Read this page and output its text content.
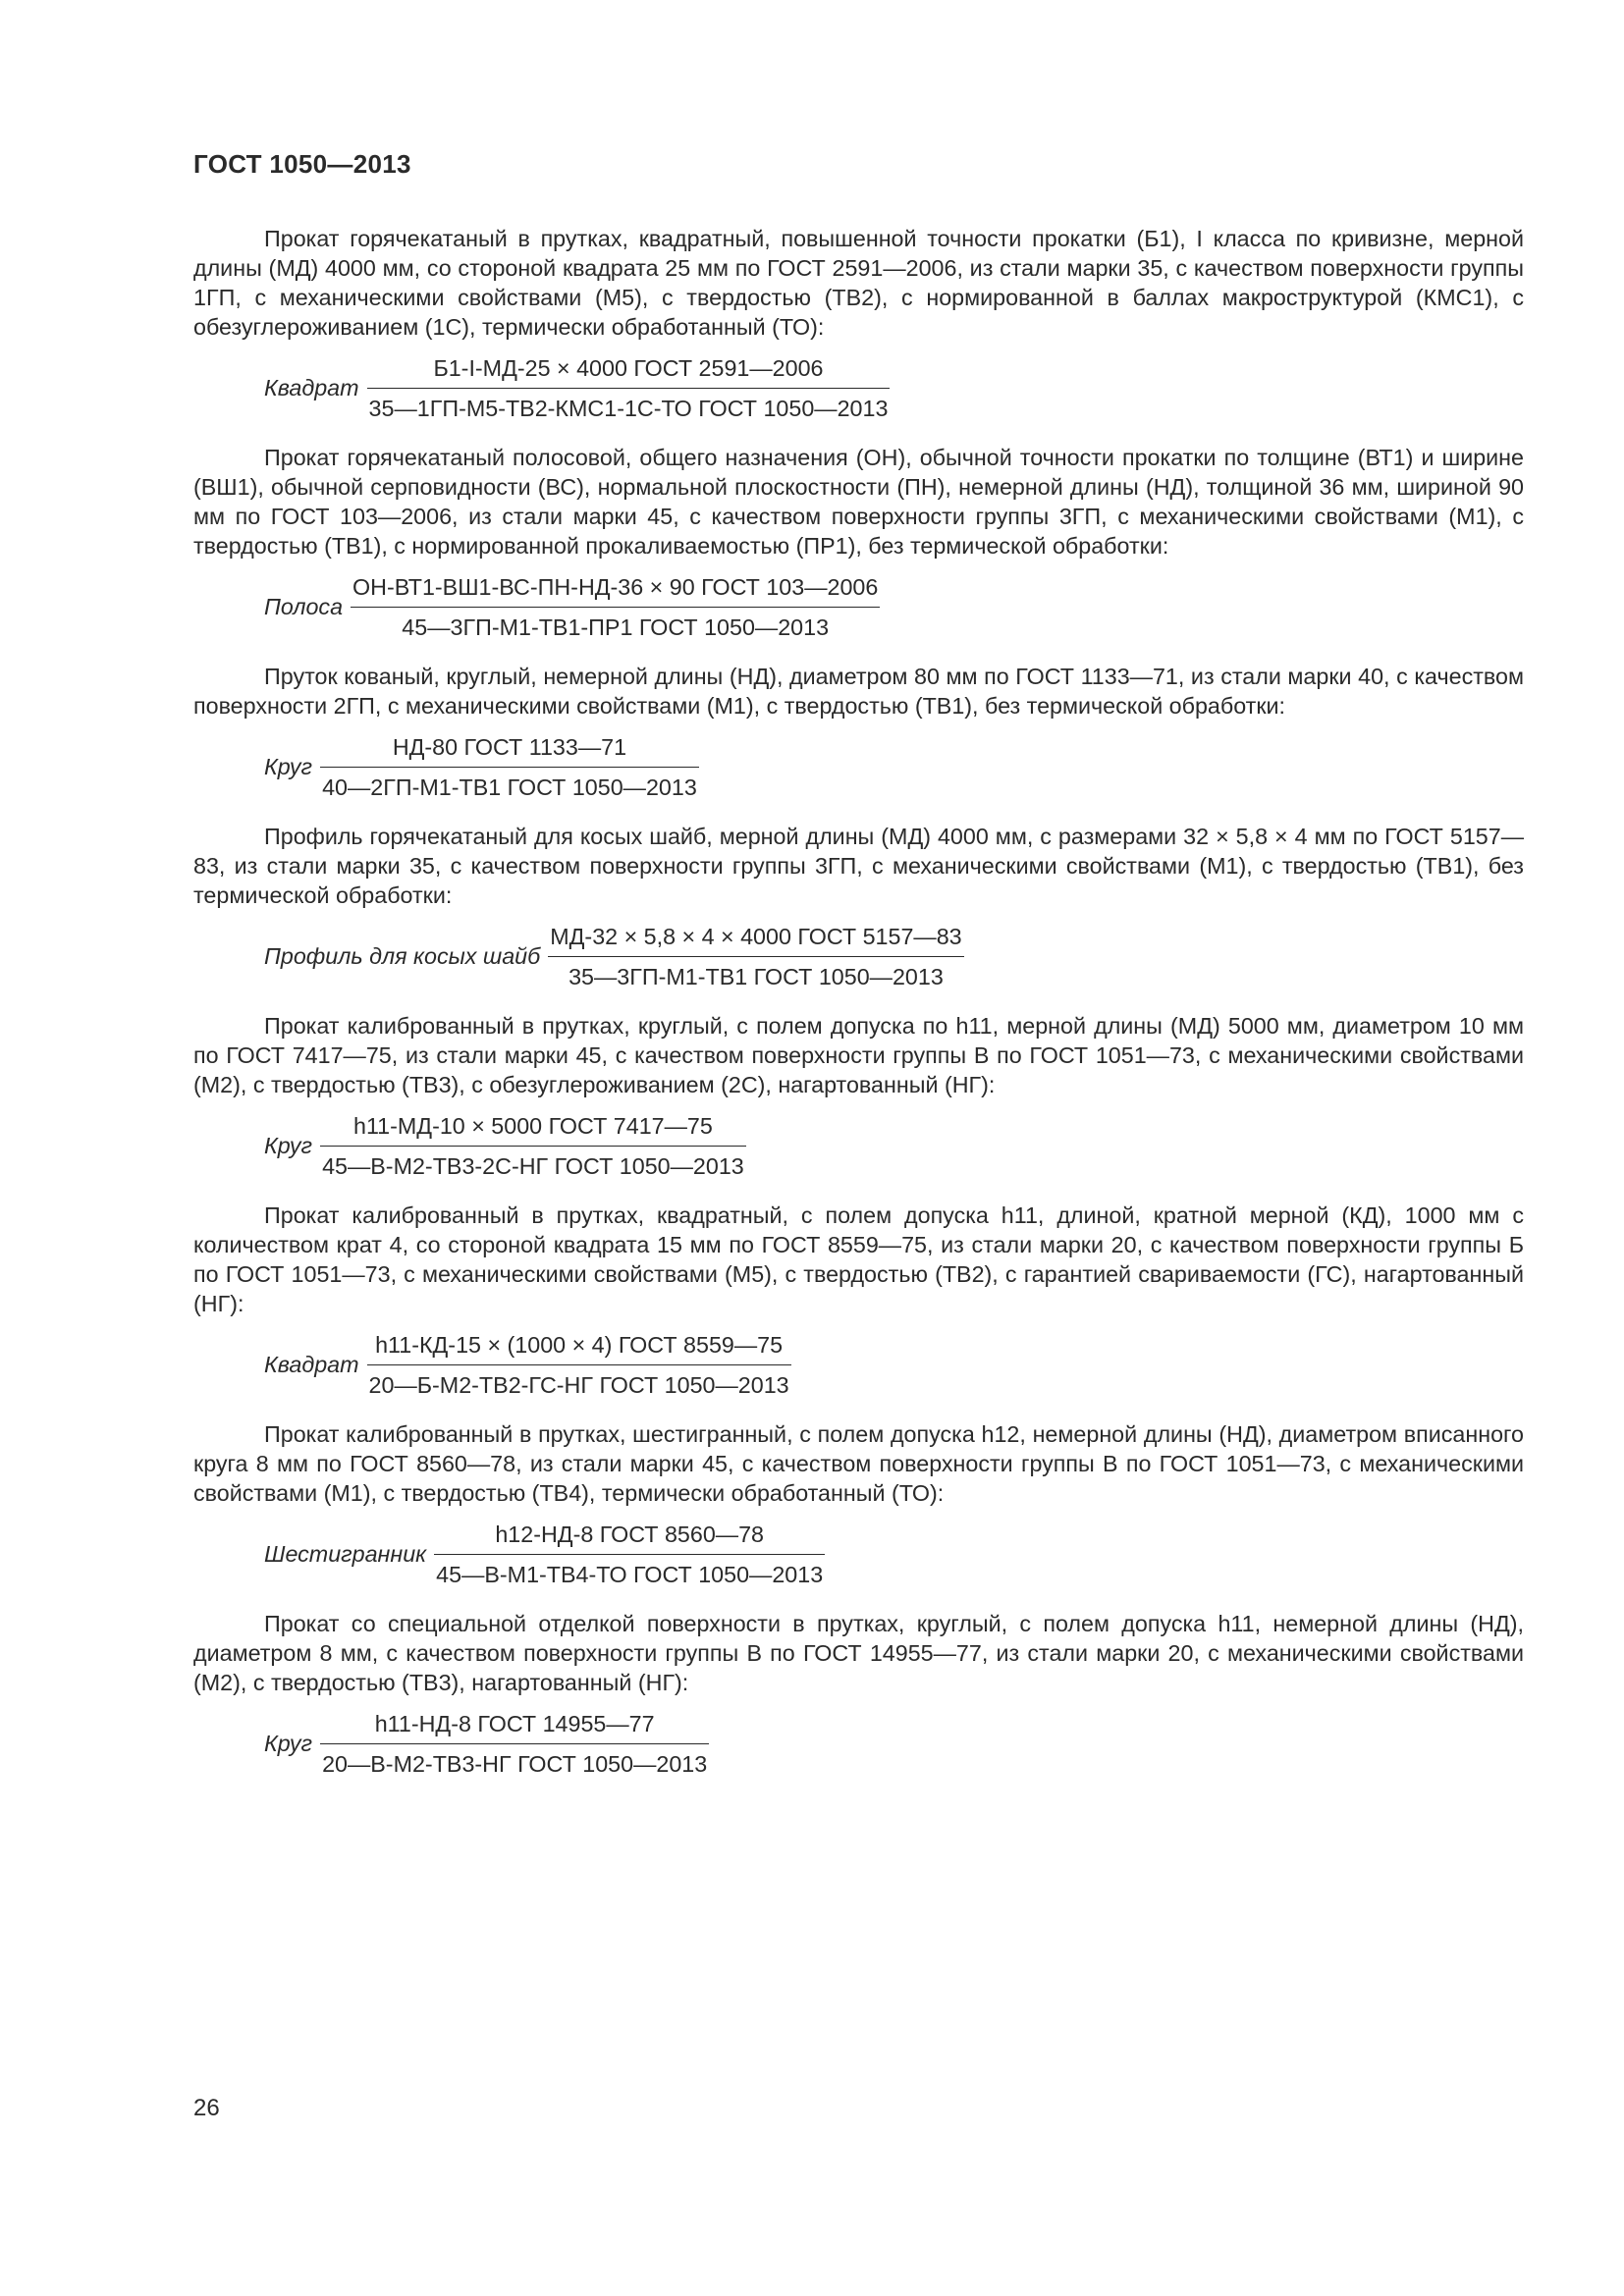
ГОСТ 1050—2013

Прокат горячекатаный в прутках, квадратный, повышенной точности прокатки (Б1), I класса по кривизне, мерной длины (МД) 4000 мм, со стороной квадрата 25 мм по ГОСТ 2591—2006, из стали марки 35, с качеством поверхности группы 1ГП, с механическими свойствами (М5), с твердостью (ТВ2), с нормированной в баллах макроструктурой (КМС1), с обезуглероживанием (1С), термически обработанный (ТО):

Квадрат $\frac{\text{Б1-I-МД-25 × 4000 ГОСТ 2591—2006}}{\text{35—1ГП-М5-ТВ2-КМС1-1С-ТО ГОСТ 1050—2013}}$

Прокат горячекатаный полосовой, общего назначения (ОН), обычной точности прокатки по толщине (ВТ1) и ширине (ВШ1), обычной серповидности (ВС), нормальной плоскостности (ПН), немерной длины (НД), толщиной 36 мм, шириной 90 мм по ГОСТ 103—2006, из стали марки 45, с качеством поверхности группы 3ГП, с механическими свойствами (М1), с твердостью (ТВ1), с нормированной прокаливаемостью (ПР1), без термической обработки:

Полоса $\frac{\text{ОН-ВТ1-ВШ1-ВС-ПН-НД-36 × 90 ГОСТ 103—2006}}{\text{45—3ГП-М1-ТВ1-ПР1 ГОСТ 1050—2013}}$

Пруток кованый, круглый, немерной длины (НД), диаметром 80 мм по ГОСТ 1133—71, из стали марки 40, с качеством поверхности 2ГП, с механическими свойствами (М1), с твердостью (ТВ1), без термической обработки:

Круг $\frac{\text{НД-80 ГОСТ 1133—71}}{\text{40—2ГП-М1-ТВ1 ГОСТ 1050—2013}}$

Профиль горячекатаный для косых шайб, мерной длины (МД) 4000 мм, с размерами 32 × 5,8 × 4 мм по ГОСТ 5157—83, из стали марки 35, с качеством поверхности группы 3ГП, с механическими свойствами (М1), с твердостью (ТВ1), без термической обработки:

Профиль для косых шайб $\frac{\text{МД-32 × 5,8 × 4 × 4000 ГОСТ 5157—83}}{\text{35—3ГП-М1-ТВ1 ГОСТ 1050—2013}}$

Прокат калиброванный в прутках, круглый, с полем допуска по h11, мерной длины (МД) 5000 мм, диаметром 10 мм по ГОСТ 7417—75, из стали марки 45, с качеством поверхности группы В по ГОСТ 1051—73, с механическими свойствами (М2), с твердостью (ТВ3), с обезуглероживанием (2С), нагартованный (НГ):

Круг $\frac{\text{h11-МД-10 × 5000 ГОСТ 7417—75}}{\text{45—В-М2-ТВ3-2С-НГ ГОСТ 1050—2013}}$

Прокат калиброванный в прутках, квадратный, с полем допуска h11, длиной, кратной мерной (КД), 1000 мм с количеством крат 4, со стороной квадрата 15 мм по ГОСТ 8559—75, из стали марки 20, с качеством поверхности группы Б по ГОСТ 1051—73, с механическими свойствами (М5), с твердостью (ТВ2), с гарантией свариваемости (ГС), нагартованный (НГ):

Квадрат $\frac{\text{h11-КД-15 × (1000 × 4) ГОСТ 8559—75}}{\text{20—Б-М2-ТВ2-ГС-НГ ГОСТ 1050—2013}}$

Прокат калиброванный в прутках, шестигранный, с полем допуска h12, немерной длины (НД), диаметром вписанного круга 8 мм по ГОСТ 8560—78, из стали марки 45, с качеством поверхности группы В по ГОСТ 1051—73, с механическими свойствами (М1), с твердостью (ТВ4), термически обработанный (ТО):

Шестигранник $\frac{\text{h12-НД-8 ГОСТ 8560—78}}{\text{45—В-М1-ТВ4-ТО ГОСТ 1050—2013}}$

Прокат со специальной отделкой поверхности в прутках, круглый, с полем допуска h11, немерной длины (НД), диаметром 8 мм, с качеством поверхности группы В по ГОСТ 14955—77, из стали марки 20, с механическими свойствами (М2), с твердостью (ТВ3), нагартованный (НГ):

Круг $\frac{\text{h11-НД-8 ГОСТ 14955—77}}{\text{20—В-М2-ТВ3-НГ ГОСТ 1050—2013}}$
26
